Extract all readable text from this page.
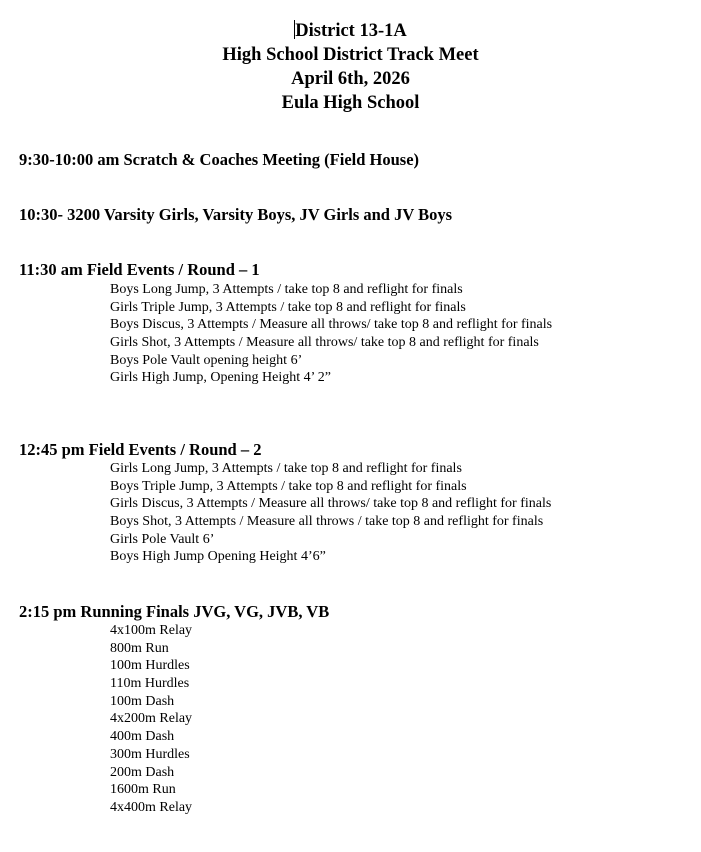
District 13-1A
High School District Track Meet
April 6th, 2026
Eula High School
9:30-10:00 am Scratch & Coaches Meeting (Field House)
10:30- 3200 Varsity Girls, Varsity Boys, JV Girls and JV Boys
11:30 am Field Events / Round – 1
Boys Long Jump, 3 Attempts / take top 8 and reflight for finals
Girls Triple Jump, 3 Attempts / take top 8 and reflight for finals
Boys Discus, 3 Attempts / Measure all throws/ take top 8 and reflight for finals
Girls Shot, 3 Attempts / Measure all throws/ take top 8 and reflight for finals
Boys Pole Vault opening height 6’
Girls High Jump, Opening Height 4’ 2”
12:45 pm Field Events / Round – 2
Girls Long Jump, 3 Attempts / take top 8 and reflight for finals
Boys Triple Jump, 3 Attempts / take top 8 and reflight for finals
Girls Discus, 3 Attempts / Measure all throws/ take top 8 and reflight for finals
Boys Shot, 3 Attempts / Measure all throws / take top 8 and reflight for finals
Girls Pole Vault 6’
Boys High Jump Opening Height 4’6”
2:15 pm Running Finals JVG, VG, JVB, VB
4x100m Relay
800m Run
100m Hurdles
110m Hurdles
100m Dash
4x200m Relay
400m Dash
300m Hurdles
200m Dash
1600m Run
4x400m Relay
